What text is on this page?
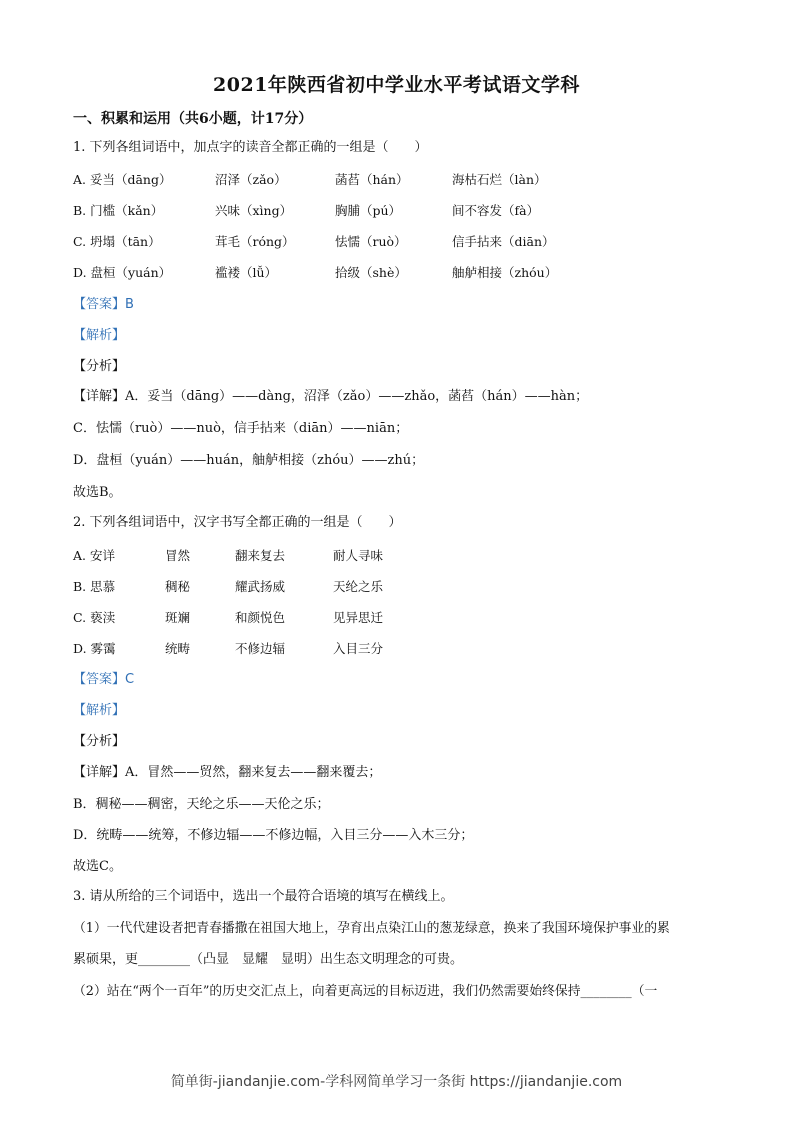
2021年陕西省初中学业水平考试语文学科
一、积累和运用（共6小题，计17分）
1. 下列各组词语中，加点字的读音全都正确的一组是（　　）
A. 妥当（dāng）	沼泽（zǎo）	菡萏（hán）	海枯石烂（làn）
B. 门槛（kǎn）	兴味（xìng）	胸脯（pú）	间不容发（fà）
C. 坍塌（tān）	茸毛（róng）	怯懦（ruò）	信手拈来（diān）
D. 盘桓（yuán）	褴褛（lǚ）	拾级（shè）	舳舻相接（zhóu）
【答案】B
【解析】
【分析】
【详解】A．妥当（dāng）——dàng，沼泽（zǎo）——zhǎo，菡萏（hán）——hàn；
C．怯懦（ruò）——nuò，信手拈来（diān）——niān；
D．盘桓（yuán）——huán，舳舻相接（zhóu）——zhú；
故选B。
2. 下列各组词语中，汉字书写全都正确的一组是（　　）
A. 安详	冒然	翻来复去	耐人寻味
B. 思慕	稠秘	耀武扬威	天纶之乐
C. 亵渎	斑斓	和颜悦色	见异思迁
D. 雾霭	统畴	不修边辐	入目三分
【答案】C
【解析】
【分析】
【详解】A．冒然——贸然，翻来复去——翻来覆去；
B．稠秘——稠密，天纶之乐——天伦之乐；
D．统畴——统筹，不修边辐——不修边幅，入目三分——入木三分；
故选C。
3. 请从所给的三个词语中，选出一个最符合语境的填写在横线上。
（1）一代代建设者把青春播撒在祖国大地上，孕育出点染江山的葱茏绿意，换来了我国环境保护事业的累
累硕果，更________（凸显　显耀　显明）出生态文明理念的可贵。
（2）站在“两个一百年”的历史交汇点上，向着更高远的目标迈进，我们仍然需要始终保持________（一
简单街-jiandanjie.com-学科网简单学习一条街 https://jiandanjie.com
